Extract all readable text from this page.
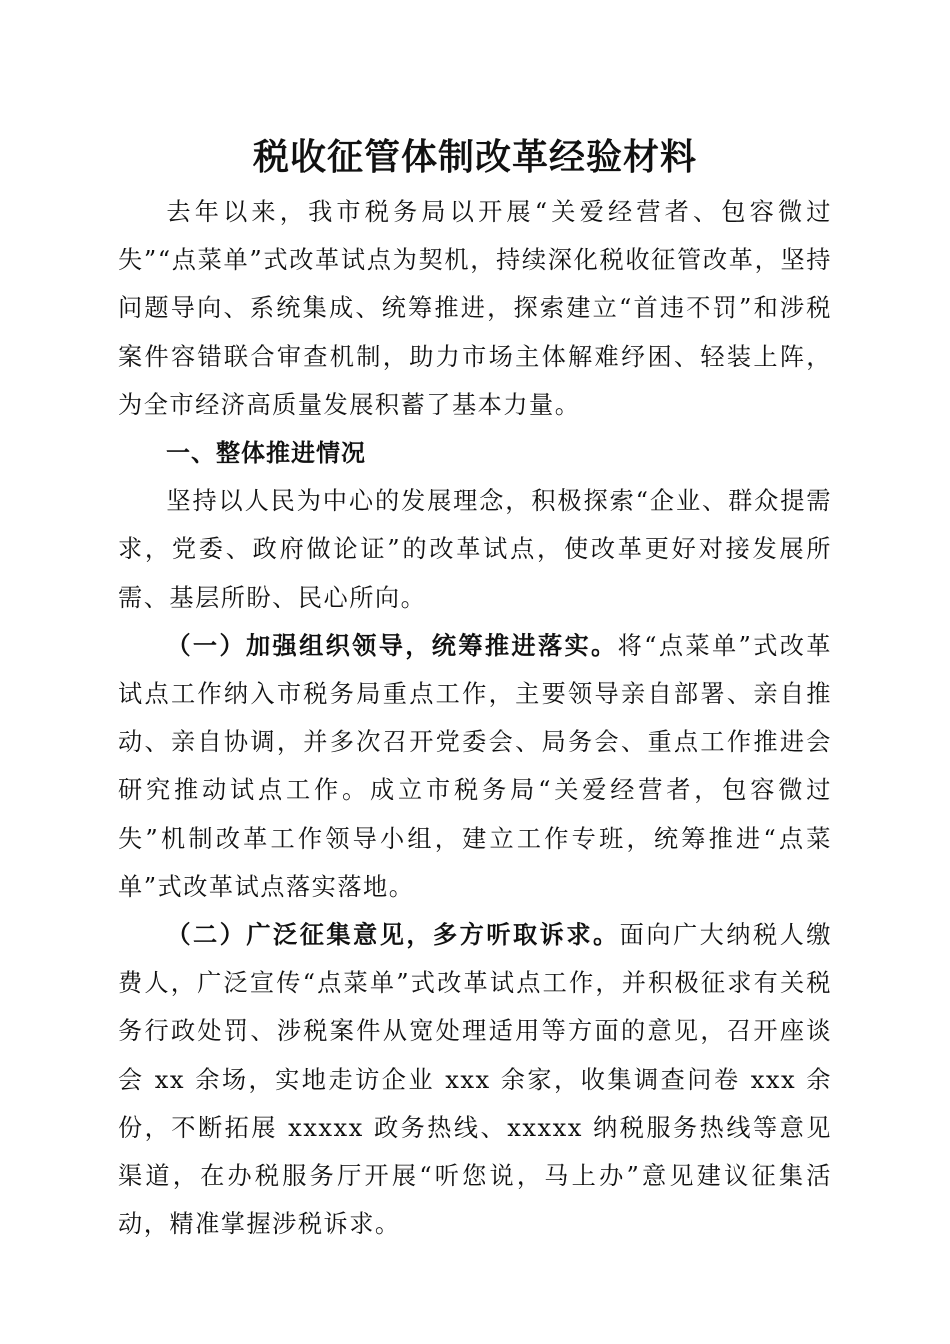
税收征管体制改革经验材料

去年以来，我市税务局以开展“关爱经营者、包容微过失”“点菜单”式改革试点为契机，持续深化税收征管改革，坚持问题导向、系统集成、统筹推进，探索建立“首违不罚”和涉税案件容错联合审查机制，助力市场主体解难纾困、轻装上阵，为全市经济高质量发展积蓄了基本力量。

一、整体推进情况

坚持以人民为中心的发展理念，积极探索“企业、群众提需求，党委、政府做论证”的改革试点，使改革更好对接发展所需、基层所盼、民心所向。

（一）加强组织领导，统筹推进落实。将“点菜单”式改革试点工作纳入市税务局重点工作，主要领导亲自部署、亲自推动、亲自协调，并多次召开党委会、局务会、重点工作推进会研究推动试点工作。成立市税务局“关爱经营者，包容微过失”机制改革工作领导小组，建立工作专班，统筹推进“点菜单”式改革试点落实落地。

（二）广泛征集意见，多方听取诉求。面向广大纳税人缴费人，广泛宣传“点菜单”式改革试点工作，并积极征求有关税务行政处罚、涉税案件从宽处理适用等方面的意见，召开座谈会 xx 余场，实地走访企业 xxx 余家，收集调查问卷 xxx 余份，不断拓展 xxxxx 政务热线、xxxxx 纳税服务热线等意见渠道，在办税服务厅开展“听您说，马上办”意见建议征集活动，精准掌握涉税诉求。
